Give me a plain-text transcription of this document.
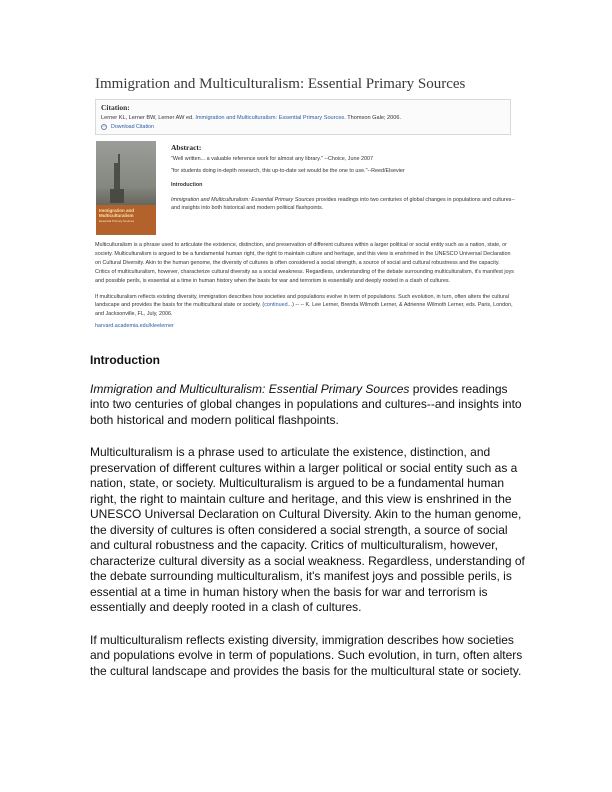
Immigration and Multiculturalism: Essential Primary Sources

Citation:

Lerner KL, Lerner BW, Lerner AW ed. Immigration and Multiculturalism: Essential Primary Sources. Thomson Gale; 2006.

− Download Citation
Immigration and Multiculturalism
Essential Primary Sources
Abstract:

"Well written... a valuable reference work for almost any library." --Choice, June 2007

"for students doing in-depth research, this up-to-date set would be the one to use."--Reed/Elsevier

Introduction

Immigration and Multiculturalism: Essential Primary Sources provides readings into two centuries of global changes in populations and cultures--and insights into both historical and modern political flashpoints.

Multiculturalism is a phrase used to articulate the existence, distinction, and preservation of different cultures within a larger political or social entity such as a nation, state, or society. Multiculturalism is argued to be a fundamental human right, the right to maintain culture and heritage, and this view is enshrined in the UNESCO Universal Declaration on Cultural Diversity. Akin to the human genome, the diversity of cultures is often considered a social strength, a source of social and cultural robustness and the capacity. Critics of multiculturalism, however, characterize cultural diversity as a social weakness. Regardless, understanding of the debate surrounding multiculturalism, it's manifest joys and possible perils, is essential at a time in human history when the basis for war and terrorism is essentially and deeply rooted in a clash of cultures.

If multiculturalism reflects existing diversity, immigration describes how societies and populations evolve in term of populations. Such evolution, in turn, often alters the cultural landscape and provides the basis for the multicultural state or society. (continued...) -- -- K. Lee Lerner, Brenda Wilmoth Lerner, & Adrienne Wilmoth Lerner, eds. Paris, London, and Jacksonville, FL, July, 2006.

harvard.academia.edu/kleelerner
Introduction

Immigration and Multiculturalism: Essential Primary Sources provides readings into two centuries of global changes in populations and cultures--and insights into both historical and modern political flashpoints.

Multiculturalism is a phrase used to articulate the existence, distinction, and preservation of different cultures within a larger political or social entity such as a nation, state, or society. Multiculturalism is argued to be a fundamental human right, the right to maintain culture and heritage, and this view is enshrined in the UNESCO Universal Declaration on Cultural Diversity. Akin to the human genome, the diversity of cultures is often considered a social strength, a source of social and cultural robustness and the capacity. Critics of multiculturalism, however, characterize cultural diversity as a social weakness. Regardless, understanding of the debate surrounding multiculturalism, it's manifest joys and possible perils, is essential at a time in human history when the basis for war and terrorism is essentially and deeply rooted in a clash of cultures.

If multiculturalism reflects existing diversity, immigration describes how societies and populations evolve in term of populations. Such evolution, in turn, often alters the cultural landscape and provides the basis for the multicultural state or society.
